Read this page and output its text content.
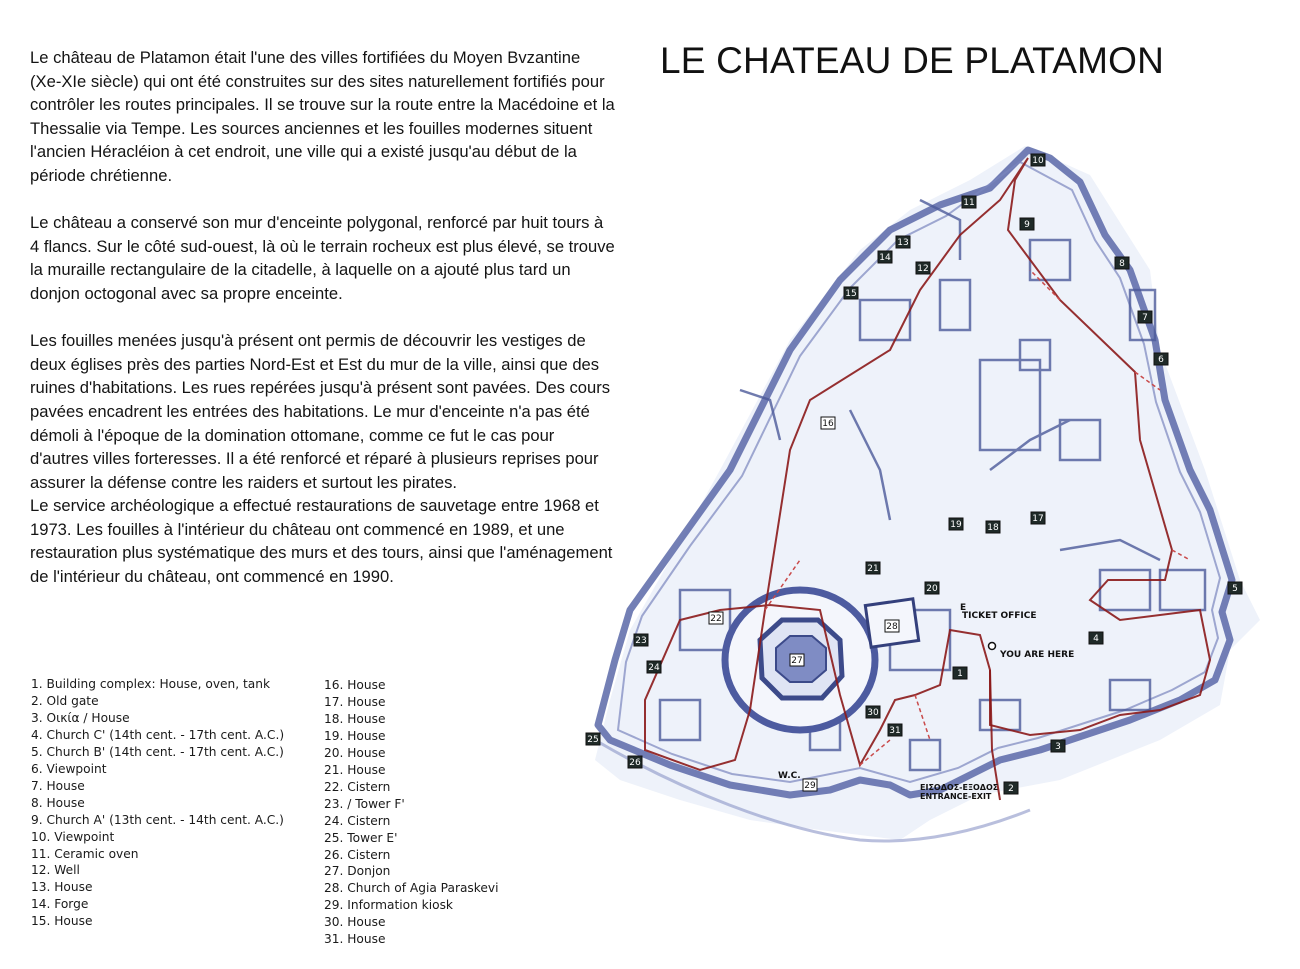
Le château de Platamon était l'une des villes fortifiées du Moyen Bvzantine (Xe-XIe siècle) qui ont été construites sur des sites naturellement fortifiés pour contrôler les routes principales. Il se trouve sur la route entre la Macédoine et la Thessalie via Tempe. Les sources anciennes et les fouilles modernes situent l'ancien Héracléion à cet endroit, une ville qui a existé jusqu'au début de la période chrétienne.

Le château a conservé son mur d'enceinte polygonal, renforcé par huit tours à 4 flancs. Sur le côté sud-ouest, là où le terrain rocheux est plus élevé, se trouve la muraille rectangulaire de la citadelle, à laquelle on a ajouté plus tard un donjon octogonal avec sa propre enceinte.

Les fouilles menées jusqu'à présent ont permis de découvrir les vestiges de deux églises près des parties Nord-Est et Est du mur de la ville, ainsi que des ruines d'habitations. Les rues repérées jusqu'à présent sont pavées. Des cours pavées encadrent les entrées des habitations. Le mur d'enceinte n'a pas été démoli à l'époque de la domination ottomane, comme ce fut le cas pour d'autres villes forteresses. Il a été renforcé et réparé à plusieurs reprises pour assurer la défense contre les raiders et surtout les pirates.

Le service archéologique a effectué restaurations de sauvetage entre 1968 et 1973. Les fouilles à l'intérieur du château ont commencé en 1989, et une restauration plus systématique des murs et des tours, ainsi que l'aménagement de l'intérieur du château, ont commencé en 1990.

LE CHATEAU DE PLATAMON
1. Building complex: House, oven, tank
2. Old gate
3. Οικία / House
4. Church C' (14th cent. - 17th cent. A.C.)
5. Church B' (14th cent. - 17th cent. A.C.)
6. Viewpoint
7. House
8. House
9. Church A' (13th cent. - 14th cent. A.C.)
10. Viewpoint
11. Ceramic oven
12. Well
13. House
14. Forge
15. House
16. House
17. House
18. House
19. House
20. House
21. House
22. Cistern
23. / Tower F'
24. Cistern
25. Tower E'
26. Cistern
27. Donjon
28. Church of Agia Paraskevi
29. Information kiosk
30. House
31. House
E
TICKET OFFICE
YOU ARE HERE
ΕΙΣΟΔΟΣ-ΕΞΟΔΟΣ
ENTRANCE-EXIT
W.C.
1
2
3
4
5
6
7
8
9
10
11
12
13
14
15
16
17
18
19
20
21
22
23
24
25
26
27
28
29
30
31
